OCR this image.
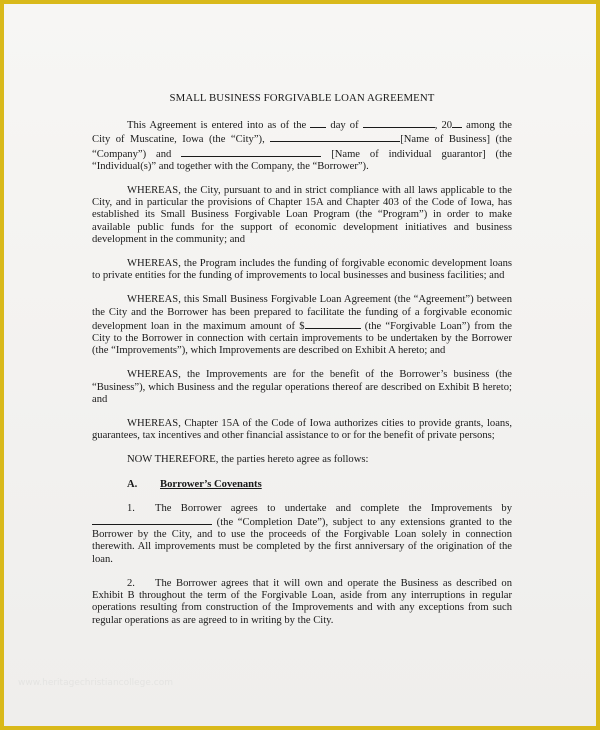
SMALL BUSINESS FORGIVABLE LOAN AGREEMENT

This Agreement is entered into as of the day of	, 20 among the City of Muscatine, Iowa (the “City”),	[Name of Business] (the “Company”) and	[Name of individual guarantor] (the “Individual(s)” and together with the Company, the “Borrower”).

WHEREAS, the City, pursuant to and in strict compliance with all laws applicable to the City, and in particular the provisions of Chapter 15A and Chapter 403 of the Code of Iowa, has established its Small Business Forgivable Loan Program (the “Program”) in order to make available public funds for the support of economic development initiatives and business development in the community; and

WHEREAS, the Program includes the funding of forgivable economic development loans to private entities for the funding of improvements to local businesses and business facilities; and

WHEREAS, this Small Business Forgivable Loan Agreement (the “Agreement”) between the City and the Borrower has been prepared to facilitate the funding of a forgivable economic development loan in the maximum amount of $	(the “Forgivable Loan”) from the City to the Borrower in connection with certain improvements to be undertaken by the Borrower (the “Improvements”), which Improvements are described on Exhibit A hereto; and

WHEREAS, the Improvements are for the benefit of the Borrower’s business (the “Business”), which Business and the regular operations thereof are described on Exhibit B hereto; and

WHEREAS, Chapter 15A of the Code of Iowa authorizes cities to provide grants, loans, guarantees, tax incentives and other financial assistance to or for the benefit of private persons;

NOW THEREFORE, the parties hereto agree as follows:

A. Borrower’s Covenants

1. The Borrower agrees to undertake and complete the Improvements by  (the “Completion Date”), subject to any extensions granted to the Borrower by the City, and to use the proceeds of the Forgivable Loan solely in connection therewith. All improvements must be completed by the first anniversary of the origination of the loan.

2. The Borrower agrees that it will own and operate the Business as described on Exhibit B throughout the term of the Forgivable Loan, aside from any interruptions in regular operations resulting from construction of the Improvements and with any exceptions from such regular operations as are agreed to in writing by the City.

www.heritagechristiancollege.com
